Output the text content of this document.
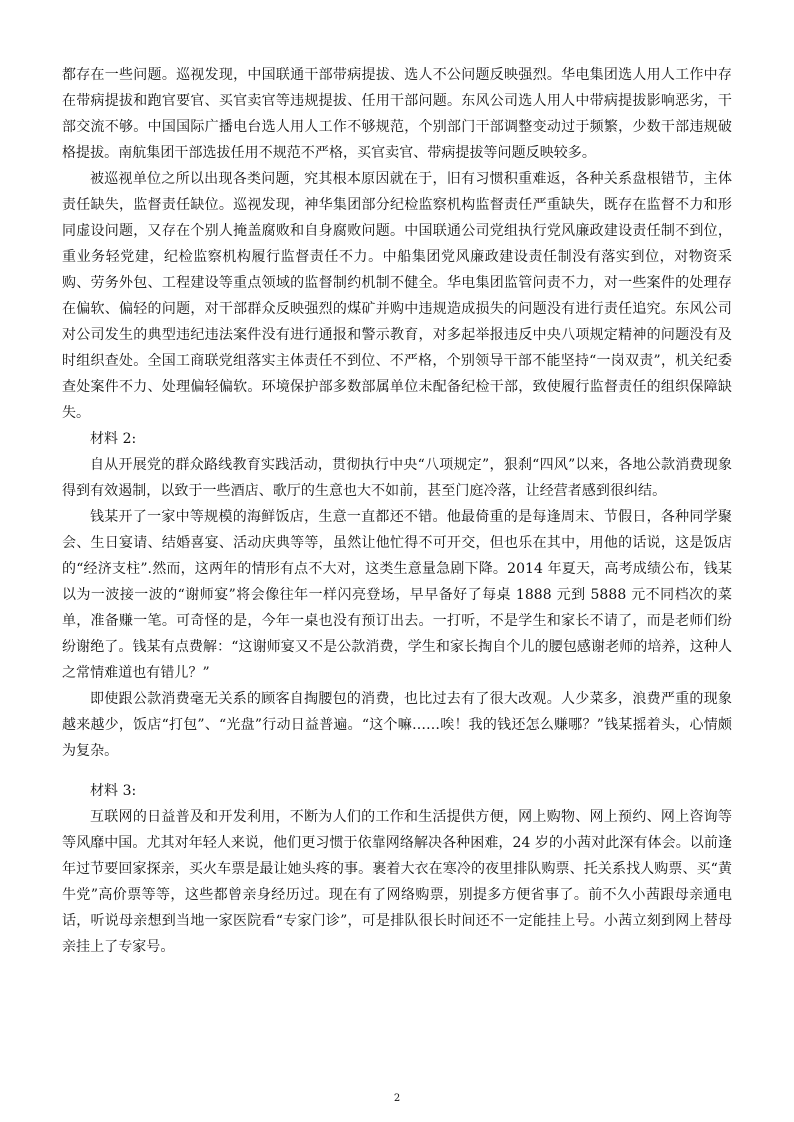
都存在一些问题。巡视发现，中国联通干部带病提拔、选人不公问题反映强烈。华电集团选人用人工作中存在带病提拔和跑官要官、买官卖官等违规提拔、任用干部问题。东风公司选人用人中带病提拔影响恶劣，干部交流不够。中国国际广播电台选人用人工作不够规范，个别部门干部调整变动过于频繁，少数干部违规破格提拔。南航集团干部选拔任用不规范不严格，买官卖官、带病提拔等问题反映较多。

被巡视单位之所以出现各类问题，究其根本原因就在于，旧有习惯积重难返，各种关系盘根错节，主体责任缺失，监督责任缺位。巡视发现，神华集团部分纪检监察机构监督责任严重缺失，既存在监督不力和形同虚设问题，又存在个别人掩盖腐败和自身腐败问题。中国联通公司党组执行党风廉政建设责任制不到位，重业务轻党建，纪检监察机构履行监督责任不力。中船集团党风廉政建设责任制没有落实到位，对物资采购、劳务外包、工程建设等重点领域的监督制约机制不健全。华电集团监管问责不力，对一些案件的处理存在偏软、偏轻的问题，对干部群众反映强烈的煤矿并购中违规造成损失的问题没有进行责任追究。东风公司对公司发生的典型违纪违法案件没有进行通报和警示教育，对多起举报违反中央八项规定精神的问题没有及时组织查处。全国工商联党组落实主体责任不到位、不严格，个别领导干部不能坚持“一岗双责”，机关纪委查处案件不力、处理偏轻偏软。环境保护部多数部属单位未配备纪检干部，致使履行监督责任的组织保障缺失。

材料 2:

自从开展党的群众路线教育实践活动，贯彻执行中央“八项规定”，狠刹“四风”以来，各地公款消费现象得到有效遏制，以致于一些酒店、歌厅的生意也大不如前，甚至门庭冷落，让经营者感到很纠结。

钱某开了一家中等规模的海鲜饭店，生意一直都还不错。他最倚重的是每逢周末、节假日，各种同学聚会、生日宴请、结婚喜宴、活动庆典等等，虽然让他忙得不可开交，但也乐在其中，用他的话说，这是饭店的“经济支柱”.然而，这两年的情形有点不大对，这类生意量急剧下降。2014 年夏天，高考成绩公布，钱某以为一波接一波的“谢师宴”将会像往年一样闪亮登场，早早备好了每桌 1888 元到 5888 元不同档次的菜单，准备赚一笔。可奇怪的是，今年一桌也没有预订出去。一打听，不是学生和家长不请了，而是老师们纷纷谢绝了。钱某有点费解：“这谢师宴又不是公款消费，学生和家长掏自个儿的腰包感谢老师的培养，这种人之常情难道也有错儿？”

即使跟公款消费毫无关系的顾客自掏腰包的消费，也比过去有了很大改观。人少菜多，浪费严重的现象越来越少，饭店“打包”、“光盘”行动日益普遍。“这个嘛……唉！我的钱还怎么赚哪？”钱某摇着头，心情颇为复杂。

材料 3:

互联网的日益普及和开发利用，不断为人们的工作和生活提供方便，网上购物、网上预约、网上咨询等等风靡中国。尤其对年轻人来说，他们更习惯于依靠网络解决各种困难，24 岁的小茜对此深有体会。以前逢年过节要回家探亲，买火车票是最让她头疼的事。裹着大衣在寒冷的夜里排队购票、托关系找人购票、买“黄牛党”高价票等等，这些都曾亲身经历过。现在有了网络购票，别提多方便省事了。前不久小茜跟母亲通电话，听说母亲想到当地一家医院看“专家门诊”，可是排队很长时间还不一定能挂上号。小茜立刻到网上替母亲挂上了专家号。

2
